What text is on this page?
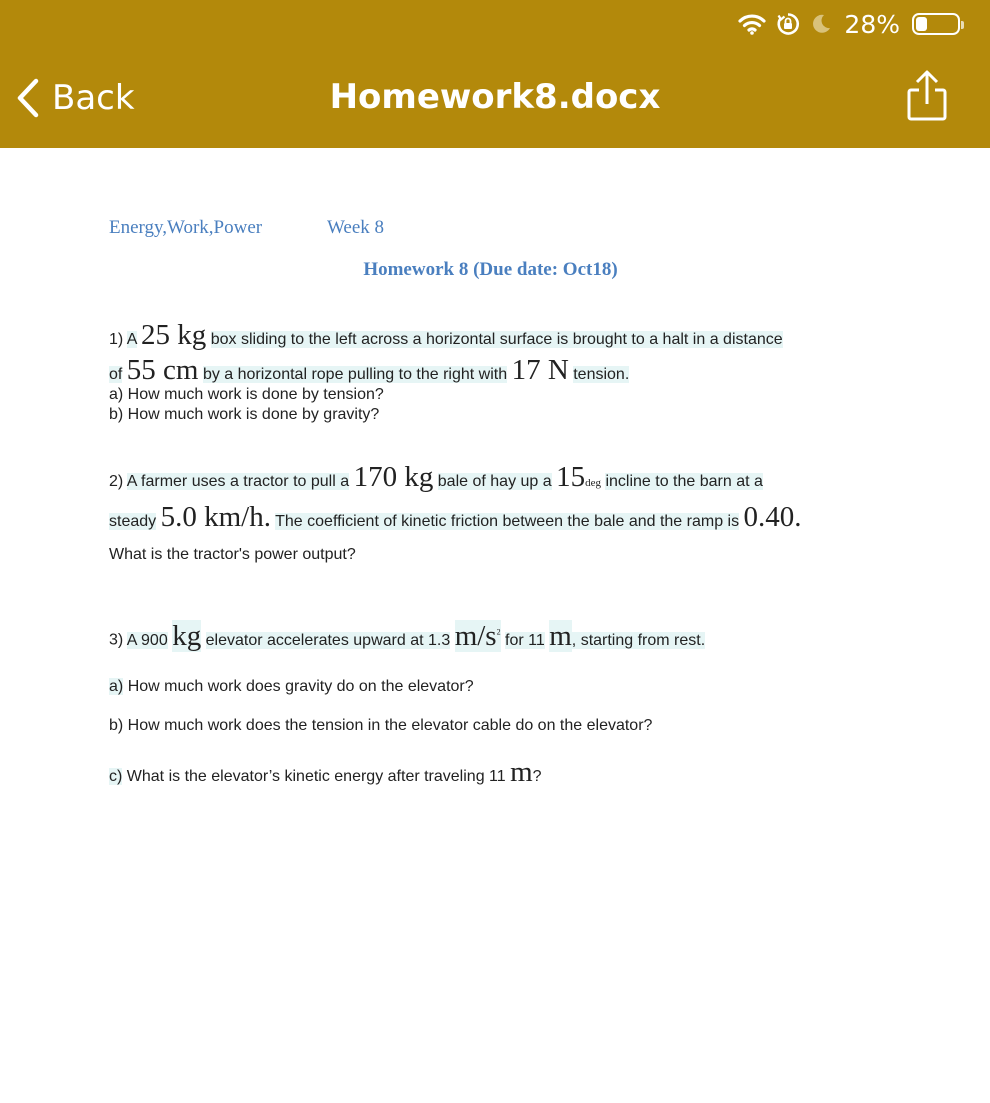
28%
Back	Homework8.docx
Energy,Work,Power	Week 8
Homework 8 (Due date: Oct18)

1) A 25 kg box sliding to the left across a horizontal surface is brought to a halt in a distance

of 55 cm by a horizontal rope pulling to the right with 17 N tension.

a) How much work is done by tension?

b) How much work is done by gravity?

2) A farmer uses a tractor to pull a 170 kg bale of hay up a 15deg incline to the barn at a

steady 5.0 km/h. The coefficient of kinetic friction between the bale and the ramp is 0.40.

What is the tractor's power output?

3) A 900 kg elevator accelerates upward at 1.3 $m/s^2$ for 11 m, starting from rest.

a) How much work does gravity do on the elevator?

b) How much work does the tension in the elevator cable do on the elevator?

c) What is the elevator’s kinetic energy after traveling 11 m?
